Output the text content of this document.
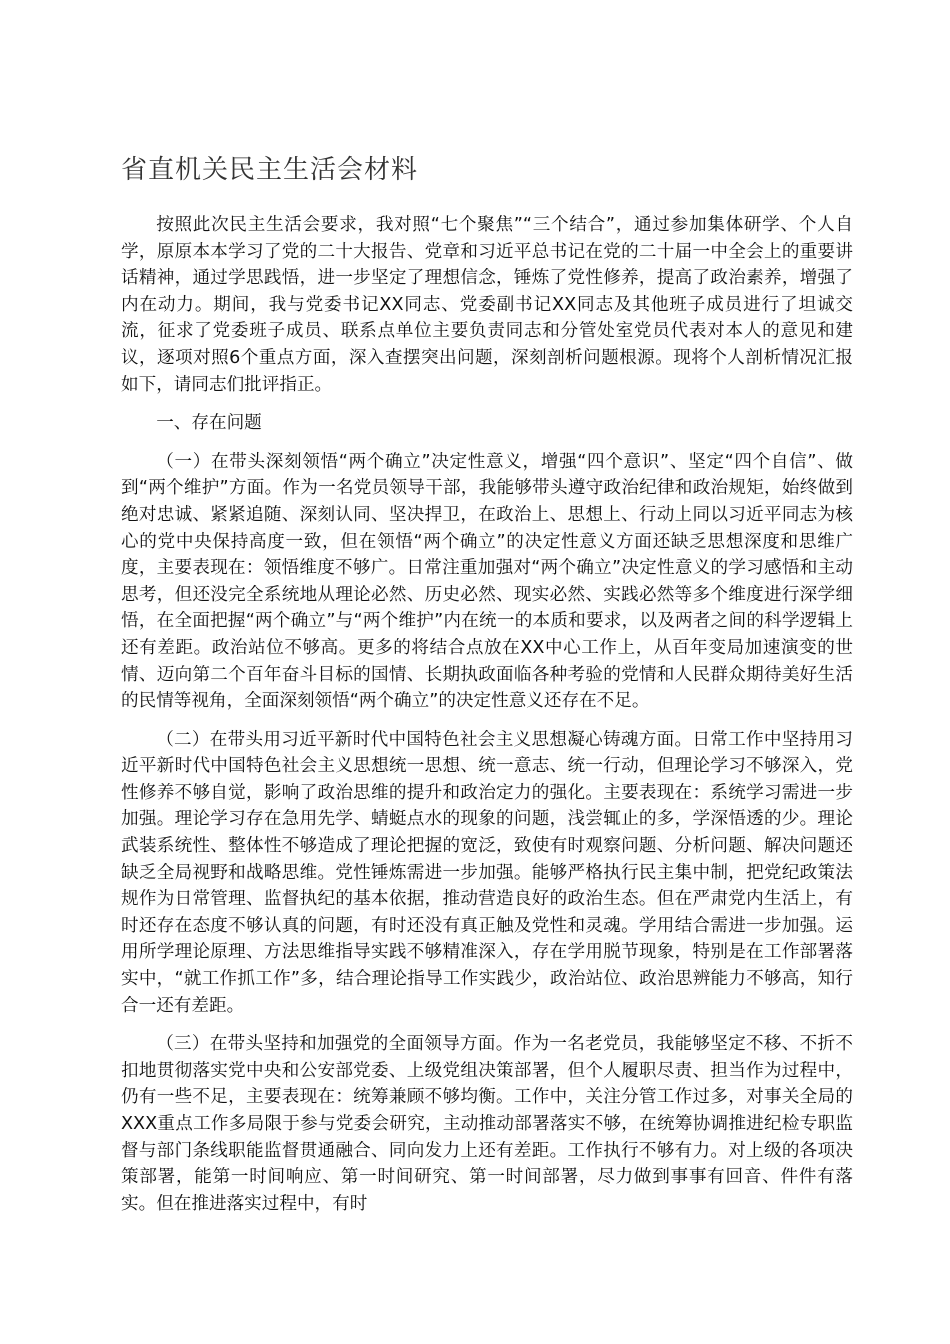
省直机关民主生活会材料

按照此次民主生活会要求，我对照“七个聚焦”“三个结合”，通过参加集体研学、个人自学，原原本本学习了党的二十大报告、党章和习近平总书记在党的二十届一中全会上的重要讲话精神，通过学思践悟，进一步坚定了理想信念，锤炼了党性修养，提高了政治素养，增强了内在动力。期间，我与党委书记XX同志、党委副书记XX同志及其他班子成员进行了坦诚交流，征求了党委班子成员、联系点单位主要负责同志和分管处室党员代表对本人的意见和建议，逐项对照6个重点方面，深入查摆突出问题，深刻剖析问题根源。现将个人剖析情况汇报如下，请同志们批评指正。

一、存在问题

（一）在带头深刻领悟“两个确立”决定性意义，增强“四个意识”、坚定“四个自信”、做到“两个维护”方面。作为一名党员领导干部，我能够带头遵守政治纪律和政治规矩，始终做到绝对忠诚、紧紧追随、深刻认同、坚决捍卫，在政治上、思想上、行动上同以习近平同志为核心的党中央保持高度一致，但在领悟“两个确立”的决定性意义方面还缺乏思想深度和思维广度，主要表现在：领悟维度不够广。日常注重加强对“两个确立”决定性意义的学习感悟和主动思考，但还没完全系统地从理论必然、历史必然、现实必然、实践必然等多个维度进行深学细悟，在全面把握“两个确立”与“两个维护”内在统一的本质和要求，以及两者之间的科学逻辑上还有差距。政治站位不够高。更多的将结合点放在XX中心工作上，从百年变局加速演变的世情、迈向第二个百年奋斗目标的国情、长期执政面临各种考验的党情和人民群众期待美好生活的民情等视角，全面深刻领悟“两个确立”的决定性意义还存在不足。

（二）在带头用习近平新时代中国特色社会主义思想凝心铸魂方面。日常工作中坚持用习近平新时代中国特色社会主义思想统一思想、统一意志、统一行动，但理论学习不够深入，党性修养不够自觉，影响了政治思维的提升和政治定力的强化。主要表现在：系统学习需进一步加强。理论学习存在急用先学、蜻蜓点水的现象的问题，浅尝辄止的多，学深悟透的少。理论武装系统性、整体性不够造成了理论把握的宽泛，致使有时观察问题、分析问题、解决问题还缺乏全局视野和战略思维。党性锤炼需进一步加强。能够严格执行民主集中制，把党纪政策法规作为日常管理、监督执纪的基本依据，推动营造良好的政治生态。但在严肃党内生活上，有时还存在态度不够认真的问题，有时还没有真正触及党性和灵魂。学用结合需进一步加强。运用所学理论原理、方法思维指导实践不够精准深入，存在学用脱节现象，特别是在工作部署落实中，“就工作抓工作”多，结合理论指导工作实践少，政治站位、政治思辨能力不够高，知行合一还有差距。

（三）在带头坚持和加强党的全面领导方面。作为一名老党员，我能够坚定不移、不折不扣地贯彻落实党中央和公安部党委、上级党组决策部署，但个人履职尽责、担当作为过程中，仍有一些不足，主要表现在：统筹兼顾不够均衡。工作中，关注分管工作过多，对事关全局的XXX重点工作多局限于参与党委会研究，主动推动部署落实不够，在统筹协调推进纪检专职监督与部门条线职能监督贯通融合、同向发力上还有差距。工作执行不够有力。对上级的各项决策部署，能第一时间响应、第一时间研究、第一时间部署，尽力做到事事有回音、件件有落实。但在推进落实过程中，有时
